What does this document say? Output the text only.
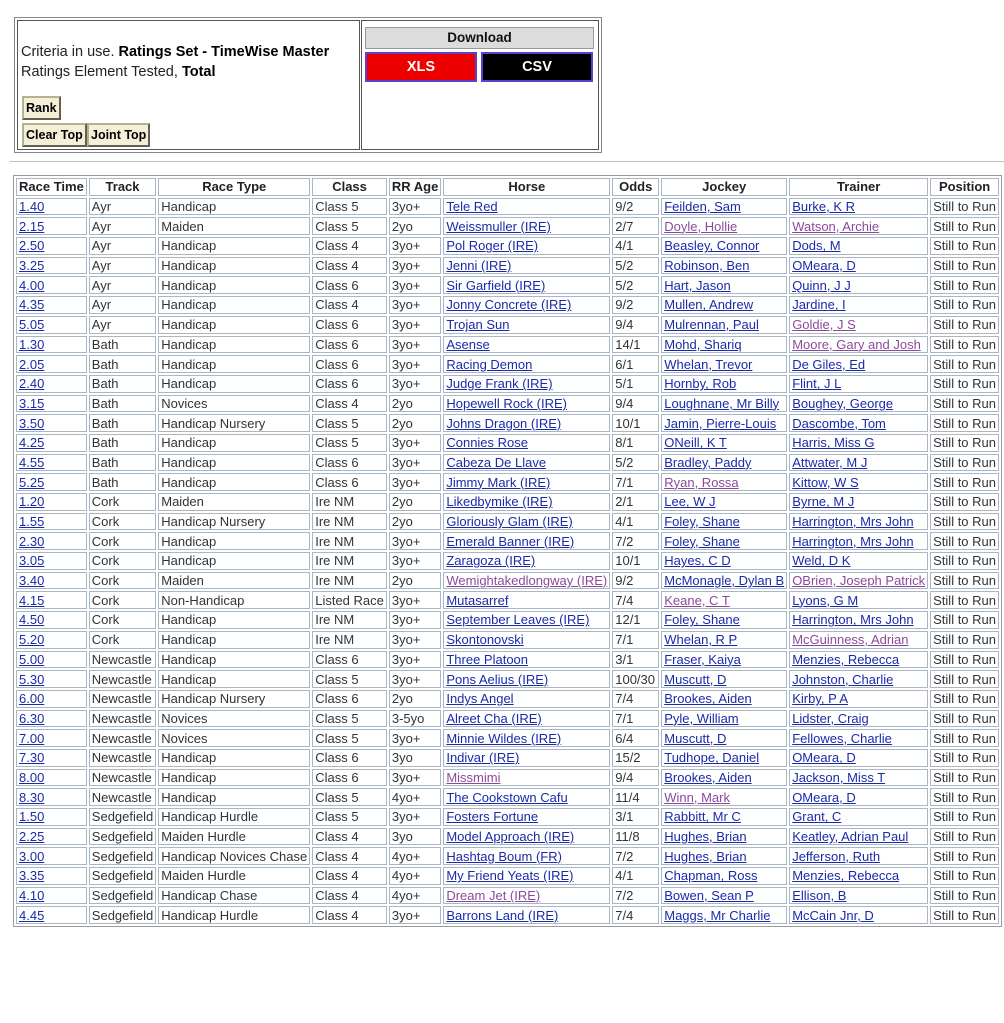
Criteria in use. Ratings Set - TimeWise Master
Ratings Element Tested, Total
Rank
Clear Top Joint Top
Download
XLS	CSV
Race Time	Track	Race Type	Class	RR Age	Horse	Odds	Jockey	Trainer	Position
1.40	Ayr	Handicap	Class 5	3yo+	Tele Red	9/2	Feilden, Sam	Burke, K R	Still to Run
2.15	Ayr	Maiden	Class 5	2yo	Weissmuller (IRE)	2/7	Doyle, Hollie	Watson, Archie	Still to Run
2.50	Ayr	Handicap	Class 4	3yo+	Pol Roger (IRE)	4/1	Beasley, Connor	Dods, M	Still to Run
3.25	Ayr	Handicap	Class 4	3yo+	Jenni (IRE)	5/2	Robinson, Ben	OMeara, D	Still to Run
4.00	Ayr	Handicap	Class 6	3yo+	Sir Garfield (IRE)	5/2	Hart, Jason	Quinn, J J	Still to Run
4.35	Ayr	Handicap	Class 4	3yo+	Jonny Concrete (IRE)	9/2	Mullen, Andrew	Jardine, I	Still to Run
5.05	Ayr	Handicap	Class 6	3yo+	Trojan Sun	9/4	Mulrennan, Paul	Goldie, J S	Still to Run
1.30	Bath	Handicap	Class 6	3yo+	Asense	14/1	Mohd, Shariq	Moore, Gary and Josh	Still to Run
2.05	Bath	Handicap	Class 6	3yo+	Racing Demon	6/1	Whelan, Trevor	De Giles, Ed	Still to Run
2.40	Bath	Handicap	Class 6	3yo+	Judge Frank (IRE)	5/1	Hornby, Rob	Flint, J L	Still to Run
3.15	Bath	Novices	Class 4	2yo	Hopewell Rock (IRE)	9/4	Loughnane, Mr Billy	Boughey, George	Still to Run
3.50	Bath	Handicap Nursery	Class 5	2yo	Johns Dragon (IRE)	10/1	Jamin, Pierre-Louis	Dascombe, Tom	Still to Run
4.25	Bath	Handicap	Class 5	3yo+	Connies Rose	8/1	ONeill, K T	Harris, Miss G	Still to Run
4.55	Bath	Handicap	Class 6	3yo+	Cabeza De Llave	5/2	Bradley, Paddy	Attwater, M J	Still to Run
5.25	Bath	Handicap	Class 6	3yo+	Jimmy Mark (IRE)	7/1	Ryan, Rossa	Kittow, W S	Still to Run
1.20	Cork	Maiden	Ire NM	2yo	Likedbymike (IRE)	2/1	Lee, W J	Byrne, M J	Still to Run
1.55	Cork	Handicap Nursery	Ire NM	2yo	Gloriously Glam (IRE)	4/1	Foley, Shane	Harrington, Mrs John	Still to Run
2.30	Cork	Handicap	Ire NM	3yo+	Emerald Banner (IRE)	7/2	Foley, Shane	Harrington, Mrs John	Still to Run
3.05	Cork	Handicap	Ire NM	3yo+	Zaragoza (IRE)	10/1	Hayes, C D	Weld, D K	Still to Run
3.40	Cork	Maiden	Ire NM	2yo	Wemightakedlongway (IRE)	9/2	McMonagle, Dylan B	OBrien, Joseph Patrick	Still to Run
4.15	Cork	Non-Handicap	Listed Race	3yo+	Mutasarref	7/4	Keane, C T	Lyons, G M	Still to Run
4.50	Cork	Handicap	Ire NM	3yo+	September Leaves (IRE)	12/1	Foley, Shane	Harrington, Mrs John	Still to Run
5.20	Cork	Handicap	Ire NM	3yo+	Skontonovski	7/1	Whelan, R P	McGuinness, Adrian	Still to Run
5.00	Newcastle	Handicap	Class 6	3yo+	Three Platoon	3/1	Fraser, Kaiya	Menzies, Rebecca	Still to Run
5.30	Newcastle	Handicap	Class 5	3yo+	Pons Aelius (IRE)	100/30	Muscutt, D	Johnston, Charlie	Still to Run
6.00	Newcastle	Handicap Nursery	Class 6	2yo	Indys Angel	7/4	Brookes, Aiden	Kirby, P A	Still to Run
6.30	Newcastle	Novices	Class 5	3-5yo	Alreet Cha (IRE)	7/1	Pyle, William	Lidster, Craig	Still to Run
7.00	Newcastle	Novices	Class 5	3yo+	Minnie Wildes (IRE)	6/4	Muscutt, D	Fellowes, Charlie	Still to Run
7.30	Newcastle	Handicap	Class 6	3yo	Indivar (IRE)	15/2	Tudhope, Daniel	OMeara, D	Still to Run
8.00	Newcastle	Handicap	Class 6	3yo+	Missmimi	9/4	Brookes, Aiden	Jackson, Miss T	Still to Run
8.30	Newcastle	Handicap	Class 5	4yo+	The Cookstown Cafu	11/4	Winn, Mark	OMeara, D	Still to Run
1.50	Sedgefield	Handicap Hurdle	Class 5	3yo+	Fosters Fortune	3/1	Rabbitt, Mr C	Grant, C	Still to Run
2.25	Sedgefield	Maiden Hurdle	Class 4	3yo	Model Approach (IRE)	11/8	Hughes, Brian	Keatley, Adrian Paul	Still to Run
3.00	Sedgefield	Handicap Novices Chase	Class 4	4yo+	Hashtag Boum (FR)	7/2	Hughes, Brian	Jefferson, Ruth	Still to Run
3.35	Sedgefield	Maiden Hurdle	Class 4	4yo+	My Friend Yeats (IRE)	4/1	Chapman, Ross	Menzies, Rebecca	Still to Run
4.10	Sedgefield	Handicap Chase	Class 4	4yo+	Dream Jet (IRE)	7/2	Bowen, Sean P	Ellison, B	Still to Run
4.45	Sedgefield	Handicap Hurdle	Class 4	3yo+	Barrons Land (IRE)	7/4	Maggs, Mr Charlie	McCain Jnr, D	Still to Run
